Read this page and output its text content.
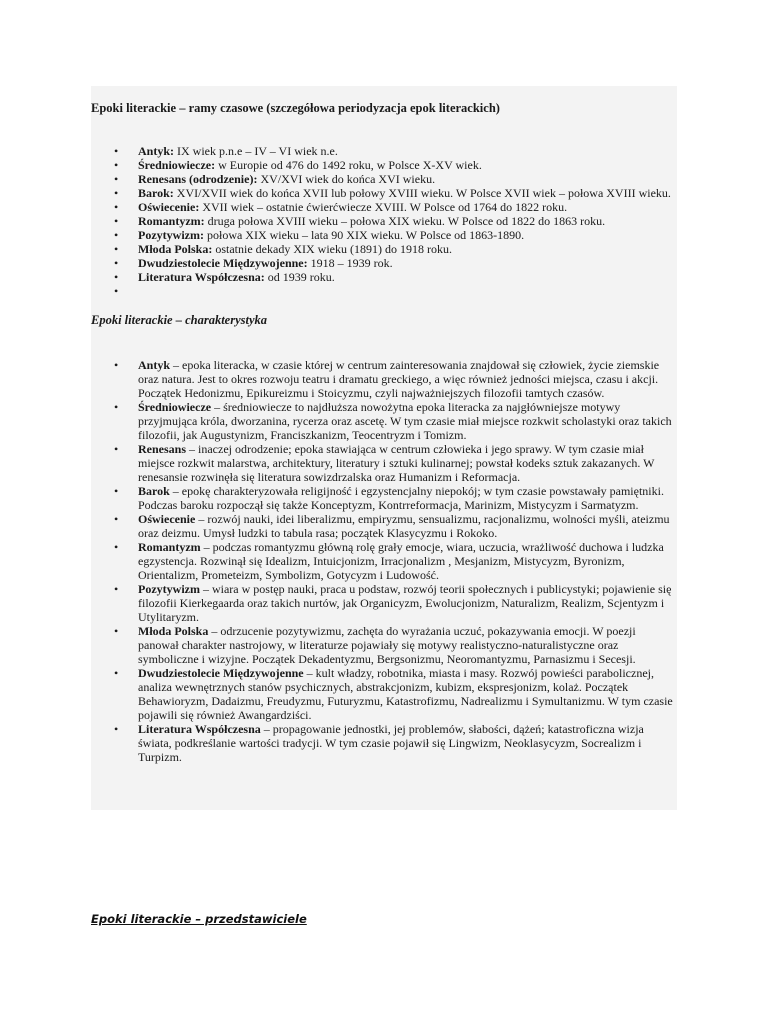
Epoki literackie – ramy czasowe (szczegółowa periodyzacja epok literackich)
• Antyk: IX wiek p.n.e – IV – VI wiek n.e.
• Średniowiecze: w Europie od 476 do 1492 roku, w Polsce X-XV wiek.
• Renesans (odrodzenie): XV/XVI wiek do końca XVI wieku.
• Barok: XVI/XVII wiek do końca XVII lub połowy XVIII wieku. W Polsce XVII wiek – połowa XVIII wieku.
• Oświecenie: XVII wiek – ostatnie ćwierćwiecze XVIII. W Polsce od 1764 do 1822 roku.
• Romantyzm: druga połowa XVIII wieku – połowa XIX wieku. W Polsce od 1822 do 1863 roku.
• Pozytywizm: połowa XIX wieku – lata 90 XIX wieku. W Polsce od 1863-1890.
• Młoda Polska: ostatnie dekady XIX wieku (1891) do 1918 roku.
• Dwudziestolecie Międzywojenne: 1918 – 1939 rok.
• Literatura Współczesna: od 1939 roku.
•
Epoki literackie – charakterystyka
• Antyk – epoka literacka, w czasie której w centrum zainteresowania znajdował się człowiek, życie ziemskie oraz natura. Jest to okres rozwoju teatru i dramatu greckiego, a więc również jedności miejsca, czasu i akcji. Początek Hedonizmu, Epikureizmu i Stoicyzmu, czyli najważniejszych filozofii tamtych czasów.
• Średniowiecze – średniowiecze to najdłuższa nowożytna epoka literacka za najgłówniejsze motywy przyjmująca króla, dworzanina, rycerza oraz ascetę. W tym czasie miał miejsce rozkwit scholastyki oraz takich filozofii, jak Augustynizm, Franciszkanizm, Teocentryzm i Tomizm.
• Renesans – inaczej odrodzenie; epoka stawiająca w centrum człowieka i jego sprawy. W tym czasie miał miejsce rozkwit malarstwa, architektury, literatury i sztuki kulinarnej; powstał kodeks sztuk zakazanych. W renesansie rozwinęła się literatura sowizdrzalska oraz Humanizm i Reformacja.
• Barok – epokę charakteryzowała religijność i egzystencjalny niepokój; w tym czasie powstawały pamiętniki. Podczas baroku rozpoczął się także Konceptyzm, Kontrreformacja, Marinizm, Mistycyzm i Sarmatyzm.
• Oświecenie – rozwój nauki, idei liberalizmu, empiryzmu, sensualizmu, racjonalizmu, wolności myśli, ateizmu oraz deizmu. Umysł ludzki to tabula rasa; początek Klasycyzmu i Rokoko.
• Romantyzm – podczas romantyzmu główną rolę grały emocje, wiara, uczucia, wrażliwość duchowa i ludzka egzystencja. Rozwinął się Idealizm, Intuicjonizm, Irracjonalizm , Mesjanizm, Mistycyzm, Byronizm, Orientalizm, Prometeizm, Symbolizm, Gotycyzm i Ludowość.
• Pozytywizm – wiara w postęp nauki, praca u podstaw, rozwój teorii społecznych i publicystyki; pojawienie się filozofii Kierkegaarda oraz takich nurtów, jak Organicyzm, Ewolucjonizm, Naturalizm, Realizm, Scjentyzm i Utylitaryzm.
• Młoda Polska – odrzucenie pozytywizmu, zachęta do wyrażania uczuć, pokazywania emocji. W poezji panował charakter nastrojowy, w literaturze pojawiały się motywy realistyczno-naturalistyczne oraz symboliczne i wizyjne. Początek Dekadentyzmu, Bergsonizmu, Neoromantyzmu, Parnasizmu i Secesji.
• Dwudziestolecie Międzywojenne – kult władzy, robotnika, miasta i masy. Rozwój powieści parabolicznej, analiza wewnętrznych stanów psychicznych, abstrakcjonizm, kubizm, ekspresjonizm, kolaż. Początek Behawioryzm, Dadaizmu, Freudyzmu, Futuryzmu, Katastrofizmu, Nadrealizmu i Symultanizmu. W tym czasie pojawili się również Awangardziści.
• Literatura Współczesna – propagowanie jednostki, jej problemów, słabości, dążeń; katastroficzna wizja świata, podkreślanie wartości tradycji. W tym czasie pojawił się Lingwizm, Neoklasycyzm, Socrealizm i Turpizm.
Epoki literackie – przedstawiciele
